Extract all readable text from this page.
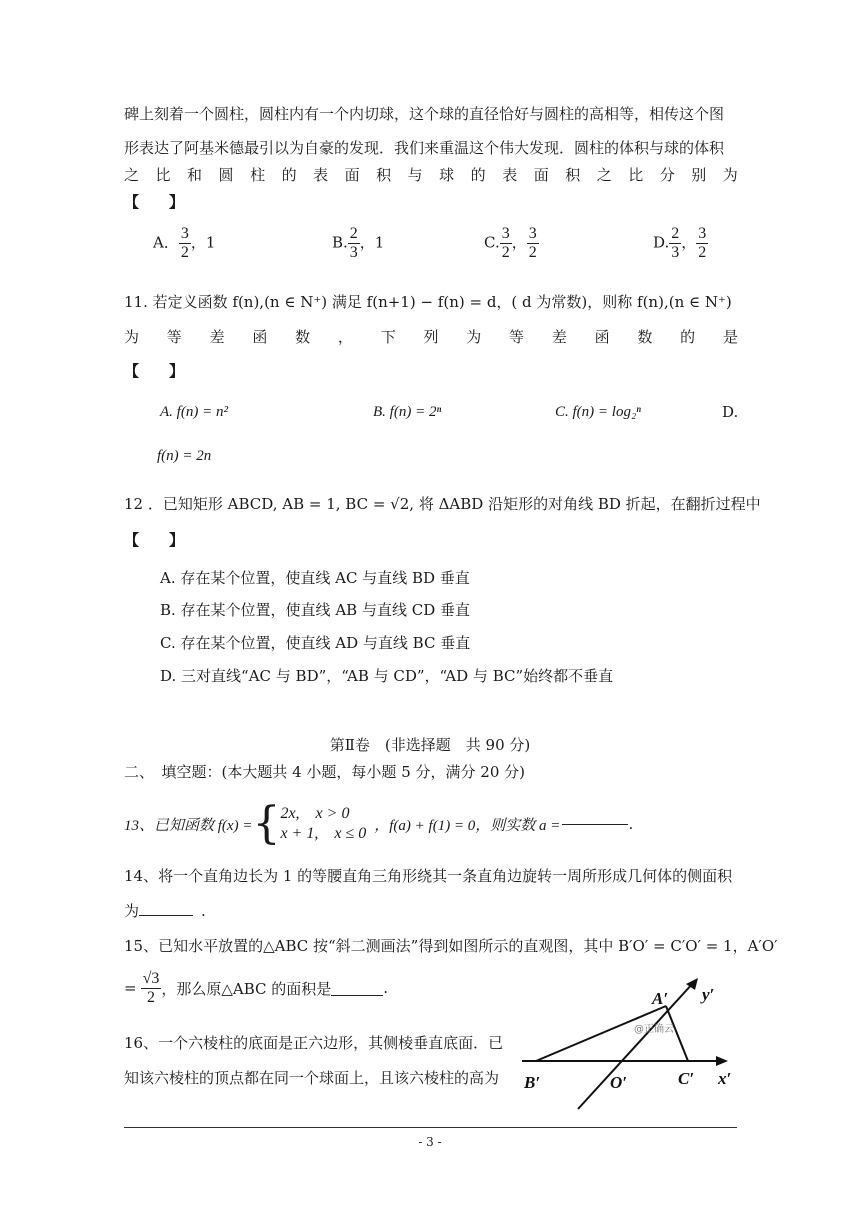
碑上刻着一个圆柱，圆柱内有一个内切球，这个球的直径恰好与圆柱的高相等，相传这个图
形表达了阿基米德最引以为自豪的发现．我们来重温这个伟大发现．圆柱的体积与球的体积
之 比 和 圆 柱 的 表 面 积 与 球 的 表 面 积 之 比 分 别 为
【　　】
A． $\frac{3}{2}$ ，1	B. $\frac{2}{3}$ ，1	C. $\frac{3}{2}$ ， $\frac{3}{2}$	D. $\frac{2}{3}$ ， $\frac{3}{2}$
11. 若定义函数 f(n),(n ∈ N⁺) 满足 f(n+1) − f(n) = d，( d 为常数)，则称 f(n),(n ∈ N⁺)
为 等 差 函 数 ， 下 列 为 等 差 函 数 的 是
【　　】
A. f(n) = n²	B. f(n) = 2ⁿ	C. f(n) = log₂ⁿ	D.
f(n) = 2n
12 ．已知矩形 ABCD, AB = 1, BC = √2, 将 ΔABD 沿矩形的对角线 BD 折起，在翻折过程中
【　　】
A. 存在某个位置，使直线 AC 与直线 BD 垂直
B. 存在某个位置，使直线 AB 与直线 CD 垂直
C. 存在某个位置，使直线 AD 与直线 BC 垂直
D. 三对直线“AC 与 BD”，“AB 与 CD”，“AD 与 BC”始终都不垂直
第Ⅱ卷　(非选择题　共 90 分)
二、　填空题：(本大题共 4 小题，每小题 5 分，满分 20 分)
13、已知函数 f(x) = { 2x,　x > 0
x + 1,　x ≤ 0 ，f(a) + f(1) = 0，则实数 a =	.
14、将一个直角边长为 1 的等腰直角三角形绕其一条直角边旋转一周所形成几何体的侧面积
为	.
15、已知水平放置的△ABC 按“斜二测画法”得到如图所示的直观图，其中 B′O′ = C′O′ = 1，A′O′
= $\frac{√3}{2}$ ，那么原△ABC 的面积是	.
16、一个六棱柱的底面是正六边形，其侧棱垂直底面．已
知该六棱柱的顶点都在同一个球面上，且该六棱柱的高为
A′
B′	O′	C′ x′
y′
@正确云
- 3 -
